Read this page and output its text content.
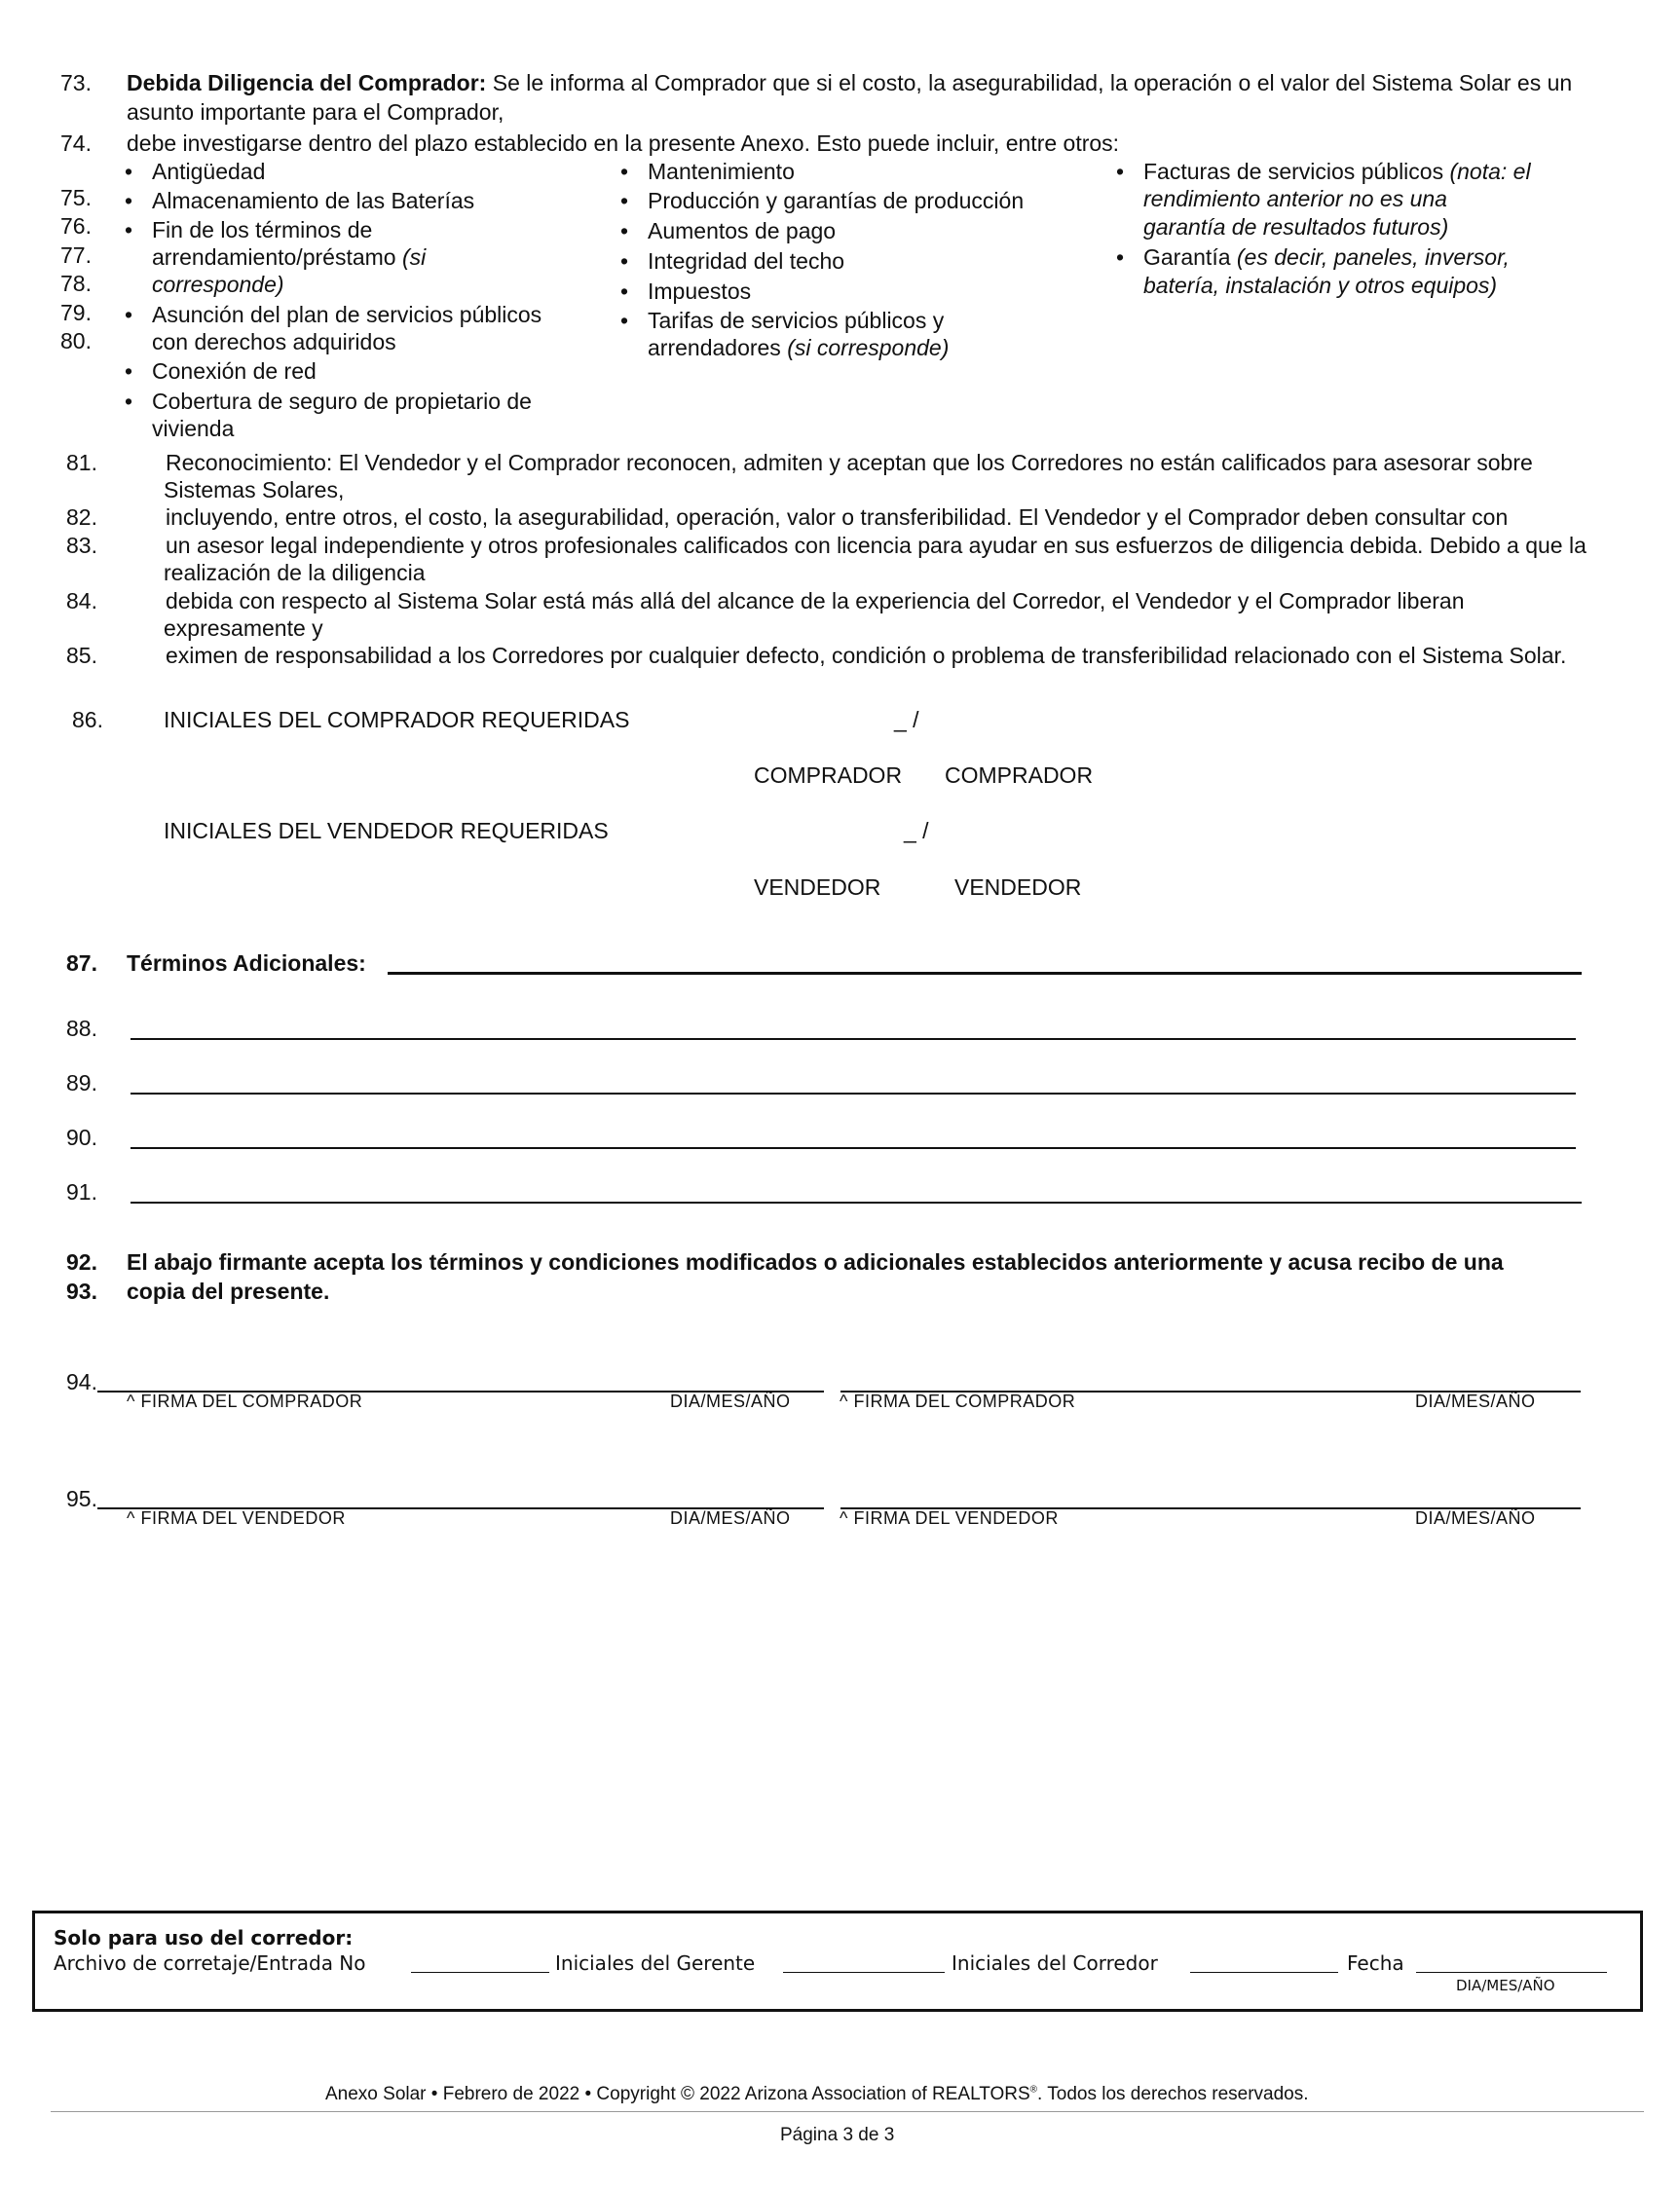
73. Debida Diligencia del Comprador: Se le informa al Comprador que si el costo, la asegurabilidad, la operación o el valor del Sistema Solar es un
asunto importante para el Comprador,
74. debe investigarse dentro del plazo establecido en la presente Anexo. Esto puede incluir, entre otros:
75.
76.
77.
78.
79.
80.
• Antigüedad
• Almacenamiento de las Baterías
• Fin de los términos de
arrendamiento/préstamo (si
corresponde)
• Asunción del plan de servicios públicos
con derechos adquiridos
• Conexión de red
• Cobertura de seguro de propietario de
vivienda
• Mantenimiento
• Producción y garantías de producción
• Aumentos de pago
• Integridad del techo
• Impuestos
• Tarifas de servicios públicos y
arrendadores (si corresponde)
• Facturas de servicios públicos (nota: el
rendimiento anterior no es una
garantía de resultados futuros)
• Garantía (es decir, paneles, inversor,
batería, instalación y otros equipos)
81.	Reconocimiento: El Vendedor y el Comprador reconocen, admiten y aceptan que los Corredores no están calificados para asesorar sobre
Sistemas Solares,
82.	incluyendo, entre otros, el costo, la asegurabilidad, operación, valor o transferibilidad. El Vendedor y el Comprador deben consultar con
83.	un asesor legal independiente y otros profesionales calificados con licencia para ayudar en sus esfuerzos de diligencia debida. Debido a que la
realización de la diligencia
84.	debida con respecto al Sistema Solar está más allá del alcance de la experiencia del Corredor, el Vendedor y el Comprador liberan
expresamente y
85.	eximen de responsabilidad a los Corredores por cualquier defecto, condición o problema de transferibilidad relacionado con el Sistema Solar.
86.	INICIALES DEL COMPRADOR REQUERIDAS	_ /
COMPRADOR COMPRADOR
INICIALES DEL VENDEDOR REQUERIDAS	_ /
VENDEDOR	VENDEDOR
87. Términos Adicionales:
88.
89.
90.
91.
92. El abajo firmante acepta los términos y condiciones modificados o adicionales establecidos anteriormente y acusa recibo de una
93. copia del presente.
94.
^ FIRMA DEL COMPRADOR	DIA/MES/AÑO	^ FIRMA DEL COMPRADOR	DIA/MES/AÑO
95.
^ FIRMA DEL VENDEDOR	DIA/MES/AÑO	^ FIRMA DEL VENDEDOR	DIA/MES/AÑO
Solo para uso del corredor:
Archivo de corretaje/Entrada No	Iniciales del Gerente	Iniciales del Corredor	Fecha
DIA/MES/AÑO
Anexo Solar • Febrero de 2022 • Copyright © 2022 Arizona Association of REALTORS®. Todos los derechos reservados.
Página 3 de 3
